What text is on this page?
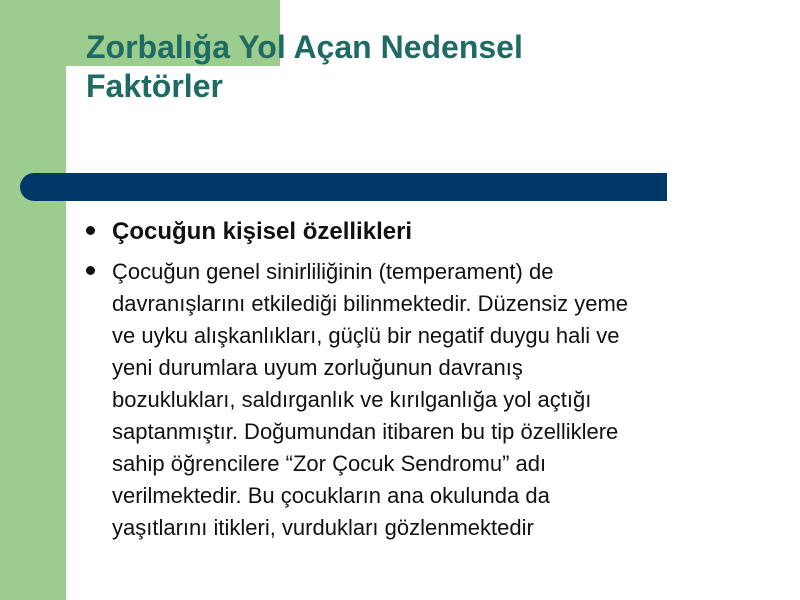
Zorbalığa Yol Açan Nedensel
Faktörler
Çocuğun kişisel özellikleri
Çocuğun genel sinirliliğinin (temperament) de
davranışlarını etkilediği bilinmektedir. Düzensiz yeme
ve uyku alışkanlıkları, güçlü bir negatif duygu hali ve
yeni durumlara uyum zorluğunun davranış
bozuklukları, saldırganlık ve kırılganlığa yol açtığı
saptanmıştır. Doğumundan itibaren bu tip özelliklere
sahip öğrencilere “Zor Çocuk Sendromu” adı
verilmektedir. Bu çocukların ana okulunda da
yaşıtlarını itikleri, vurdukları gözlenmektedir
